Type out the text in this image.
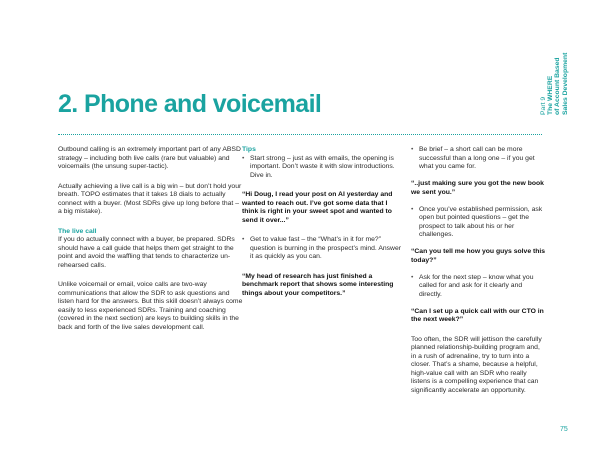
2. Phone and voicemail	Part 9 The WHERE of Account Based Sales Development

Outbound calling is an extremely important part of any ABSD strategy – including both live calls (rare but valuable) and voicemails (the unsung super-tactic).

Actually achieving a live call is a big win – but don’t hold your breath. TOPO estimates that it takes 18 dials to actually connect with a buyer. (Most SDRs give up long before that – a big mistake).

The live call

If you do actually connect with a buyer, be prepared. SDRs should have a call guide that helps them get straight to the point and avoid the waffling that tends to characterize un-rehearsed calls.

Unlike voicemail or email, voice calls are two-way communications that allow the SDR to ask questions and listen hard for the answers. But this skill doesn’t always come easily to less experienced SDRs. Training and coaching (covered in the next section) are keys to building skills in the back and forth of the live sales development call.

Tips

• Start strong – just as with emails, the opening is important. Don’t waste it with slow introductions. Dive in.

“Hi Doug, I read your post on AI yesterday and wanted to reach out. I’ve got some data that I think is right in your sweet spot and wanted to send it over...”

• Get to value fast – the “What’s in it for me?” question is burning in the prospect’s mind. Answer it as quickly as you can.

“My head of research has just finished a benchmark report that shows some interesting things about your competitors.”

• Be brief – a short call can be more successful than a long one – if you get what you came for.

“..just making sure you got the new book we sent you.”

• Once you’ve established permission, ask open but pointed questions – get the prospect to talk about his or her challenges.

“Can you tell me how you guys solve this today?”

• Ask for the next step – know what you called for and ask for it clearly and directly.

“Can I set up a quick call with our CTO in the next week?”

Too often, the SDR will jettison the carefully planned relationship-building program and, in a rush of adrenaline, try to turn into a closer. That’s a shame, because a helpful, high-value call with an SDR who really listens is a compelling experience that can significantly accelerate an opportunity.

75
